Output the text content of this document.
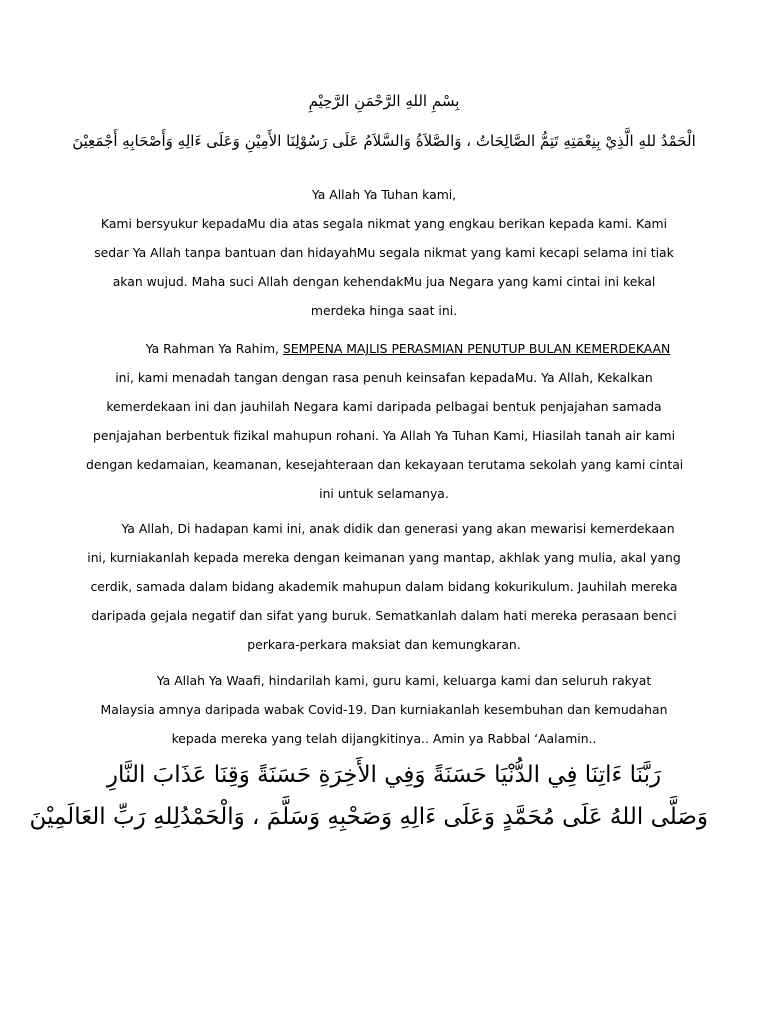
بِسْمِ اللهِ الرَّحْمَنِ الرَّحِيْمِ
الْحَمْدُ للهِ الَّذِيْ بِنِعْمَتِهِ تَتِمُّ الصَّالِحَاتُ ، وَالصَّلاَةُ وَالسَّلاَمُ عَلَى رَسُوْلِنَا الأَمِيْنِ وَعَلَى ءَالِهِ وَأَصْحَابِهِ أَجْمَعِيْنَ
Ya Allah Ya Tuhan kami,
Kami bersyukur kepadaMu dia atas segala nikmat yang engkau berikan kepada kami. Kami
sedar Ya Allah tanpa bantuan dan hidayahMu segala nikmat yang kami kecapi selama ini tiak
akan wujud. Maha suci Allah dengan kehendakMu jua Negara yang kami cintai ini kekal
merdeka hinga saat ini.
Ya Rahman Ya Rahim, SEMPENA MAJLIS PERASMIAN PENUTUP BULAN KEMERDEKAAN
ini, kami menadah tangan dengan rasa penuh keinsafan kepadaMu. Ya Allah, Kekalkan
kemerdekaan ini dan jauhilah Negara kami daripada pelbagai bentuk penjajahan samada
penjajahan berbentuk fizikal mahupun rohani. Ya Allah Ya Tuhan Kami, Hiasilah tanah air kami
dengan kedamaian, keamanan, kesejahteraan dan kekayaan terutama sekolah yang kami cintai
ini untuk selamanya.
Ya Allah, Di hadapan kami ini, anak didik dan generasi yang akan mewarisi kemerdekaan
ini, kurniakanlah kepada mereka dengan keimanan yang mantap, akhlak yang mulia, akal yang
cerdik, samada dalam bidang akademik mahupun dalam bidang kokurikulum. Jauhilah mereka
daripada gejala negatif dan sifat yang buruk. Sematkanlah dalam hati mereka perasaan benci
perkara-perkara maksiat dan kemungkaran.
Ya Allah Ya Waafi, hindarilah kami, guru kami, keluarga kami dan seluruh rakyat
Malaysia amnya daripada wabak Covid-19. Dan kurniakanlah kesembuhan dan kemudahan
kepada mereka yang telah dijangkitinya.. Amin ya Rabbal ‘Aalamin..
رَبَّنَا ءَاتِنَا فِي الدُّنْيَا حَسَنَةً وَفِي الأَخِرَةِ حَسَنَةً وَقِنَا عَذَابَ النَّارِ
وَصَلَّى اللهُ عَلَى مُحَمَّدٍ وَعَلَى ءَالِهِ وَصَحْبِهِ وَسَلَّمَ ، وَالْحَمْدُلِلهِ رَبِّ العَالَمِيْنَ
